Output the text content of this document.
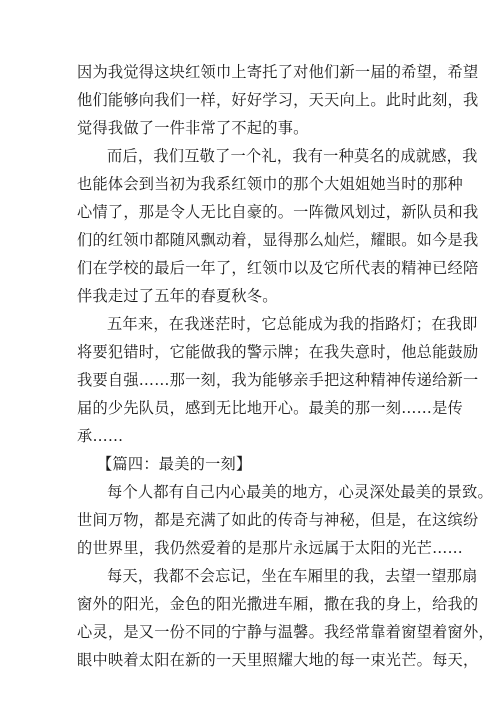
因为我觉得这块红领巾上寄托了对他们新一届的希望，希望
他们能够向我们一样，好好学习，天天向上。此时此刻，我
觉得我做了一件非常了不起的事。
而后，我们互敬了一个礼，我有一种莫名的成就感，我
也能体会到当初为我系红领巾的那个大姐姐她当时的那种
心情了，那是令人无比自豪的。一阵微风划过，新队员和我
们的红领巾都随风飘动着，显得那么灿烂，耀眼。如今是我
们在学校的最后一年了，红领巾以及它所代表的精神已经陪
伴我走过了五年的春夏秋冬。
五年来，在我迷茫时，它总能成为我的指路灯；在我即
将要犯错时，它能做我的警示牌；在我失意时，他总能鼓励
我要自强……那一刻，我为能够亲手把这种精神传递给新一
届的少先队员，感到无比地开心。最美的那一刻……是传
承……
【篇四：最美的一刻】
每个人都有自己内心最美的地方，心灵深处最美的景致。
世间万物，都是充满了如此的传奇与神秘，但是，在这缤纷
的世界里，我仍然爱着的是那片永远属于太阳的光芒……
每天，我都不会忘记，坐在车厢里的我，去望一望那扇
窗外的阳光，金色的阳光撒进车厢，撒在我的身上，给我的
心灵，是又一份不同的宁静与温馨。我经常靠着窗望着窗外，
眼中映着太阳在新的一天里照耀大地的每一束光芒。每天，
